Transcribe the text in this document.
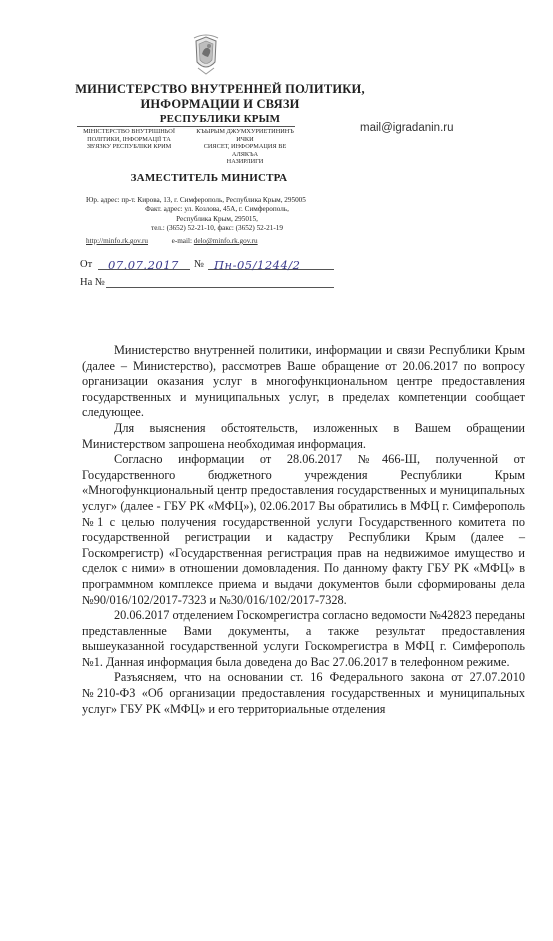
МИНИСТЕРСТВО ВНУТРЕННЕЙ ПОЛИТИКИ,
ИНФОРМАЦИИ И СВЯЗИ
РЕСПУБЛИКИ КРЫМ
МІНІСТЕРСТВО ВНУТРІШНЬОЇ
ПОЛІТИКИ, ІНФОРМАЦІЇ ТА
ЗВ'ЯЗКУ РЕСПУБЛІКИ КРИМ
КЪЫРЫМ ДЖУМХУРИЕТИНИНЪ ИЧКИ
СИЯСЕТ, ИНФОРМАЦИЯ ВЕ АЛЯКЪА
НАЗИРЛИГИ
mail@igradanin.ru
ЗАМЕСТИТЕЛЬ МИНИСТРА
Юр. адрес: пр-т. Кирова, 13, г. Симферополь, Республика Крым, 295005
Факт. адрес: ул. Козлова, 45А, г. Симферополь,
Республика Крым, 295015,
тел.: (3652) 52-21-10, факс: (3652) 52-21-19
http://minfo.rk.gov.ru	e-mail: delo@minfo.rk.gov.ru
От 07.07.2017 № Пн-05/1244/2
На №

Министерство внутренней политики, информации и связи Республики Крым (далее – Министерство), рассмотрев Ваше обращение от 20.06.2017 по вопросу организации оказания услуг в многофункциональном центре предоставления государственных и муниципальных услуг, в пределах компетенции сообщает следующее.

Для выяснения обстоятельств, изложенных в Вашем обращении Министерством запрошена необходимая информация.

Согласно информации от 28.06.2017 №466-Ш, полученной от Государственного бюджетного учреждения Республики Крым «Многофункциональный центр предоставления государственных и муниципальных услуг» (далее - ГБУ РК «МФЦ»), 02.06.2017 Вы обратились в МФЦ г. Симферополь №1 с целью получения государственной услуги Государственного комитета по государственной регистрации и кадастру Республики Крым (далее – Госкомрегистр) «Государственная регистрация прав на недвижимое имущество и сделок с ними» в отношении домовладения. По данному факту ГБУ РК «МФЦ» в программном комплексе приема и выдачи документов были сформированы дела №90/016/102/2017-7323 и №30/016/102/2017-7328.

20.06.2017 отделением Госкомрегистра согласно ведомости №42823 переданы представленные Вами документы, а также результат предоставления вышеуказанной государственной услуги Госкомрегистра в МФЦ г. Симферополь №1. Данная информация была доведена до Вас 27.06.2017 в телефонном режиме.

Разъясняем, что на основании ст. 16 Федерального закона от 27.07.2010 №210-ФЗ «Об организации предоставления государственных и муниципальных услуг» ГБУ РК «МФЦ» и его территориальные отделения
